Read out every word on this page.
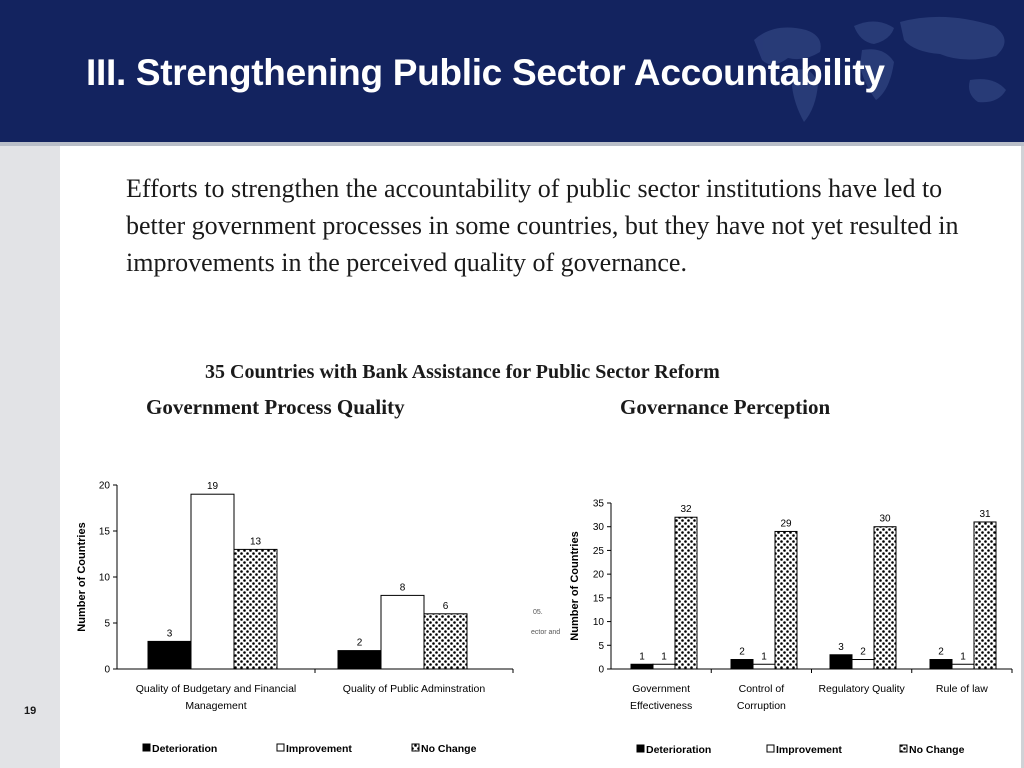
III. Strengthening Public Sector Accountability
19

Efforts to strengthen the accountability of public sector institutions have led to better government processes in some countries, but they have not yet resulted in improvements in the perceived quality of governance.

35 Countries with Bank Assistance for Public Sector Reform
Government Process Quality	Governance Perception
05.
ector and
0
5
10
15
20
Number of Countries
Quality of Budgetary and Financial
Management
3
19
13
Quality of Public Adminstration
2
8
6
Deterioration	Improvement	No Change
0
5
10
15
20
25
30
35
Number of Countries
Government
Effectiveness
1 1
32
Control of
Corruption
2 1
29
Regulatory Quality
3 2
30
Rule of law
2 1
31
Deterioration	Improvement	No Change
